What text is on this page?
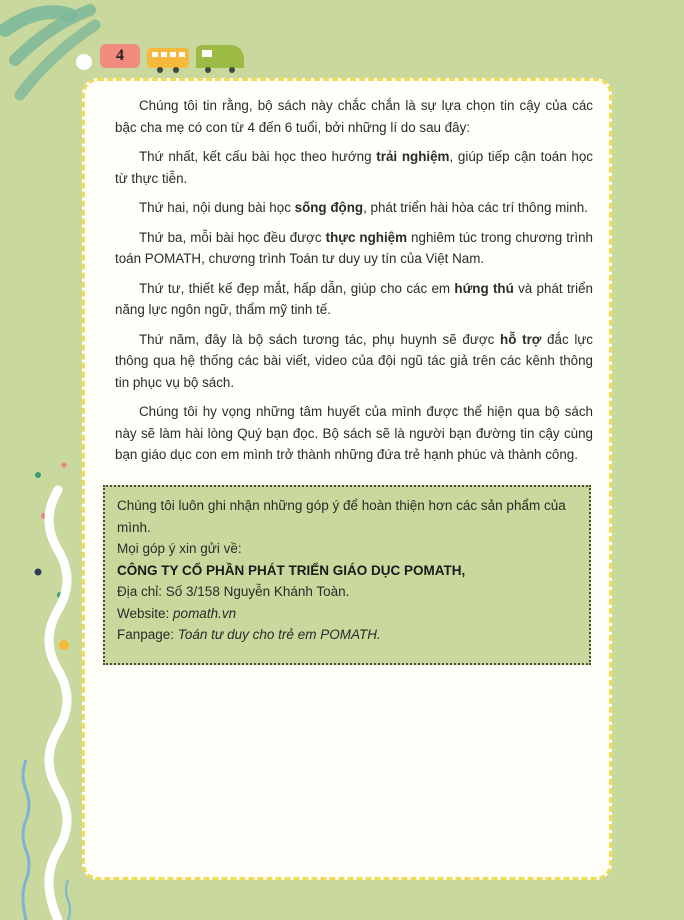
4

Chúng tôi tin rằng, bộ sách này chắc chắn là sự lựa chọn tin cậy của các bậc cha mẹ có con từ 4 đến 6 tuổi, bởi những lí do sau đây:

Thứ nhất, kết cấu bài học theo hướng trải nghiệm, giúp tiếp cận toán học từ thực tiễn.

Thứ hai, nội dung bài học sống động, phát triển hài hòa các trí thông minh.

Thứ ba, mỗi bài học đều được thực nghiệm nghiêm túc trong chương trình toán POMATH, chương trình Toán tư duy uy tín của Việt Nam.

Thứ tư, thiết kế đẹp mắt, hấp dẫn, giúp cho các em hứng thú và phát triển năng lực ngôn ngữ, thẩm mỹ tinh tế.

Thứ năm, đây là bộ sách tương tác, phụ huynh sẽ được hỗ trợ đắc lực thông qua hệ thống các bài viết, video của đội ngũ tác giả trên các kênh thông tin phục vụ bộ sách.

Chúng tôi hy vọng những tâm huyết của mình được thể hiện qua bộ sách này sẽ làm hài lòng Quý bạn đọc. Bộ sách sẽ là người bạn đường tin cậy cùng bạn giáo dục con em mình trở thành những đứa trẻ hạnh phúc và thành công.

Chúng tôi luôn ghi nhận những góp ý để hoàn thiện hơn các sản phẩm của mình.
Mọi góp ý xin gửi về:
CÔNG TY CỔ PHẦN PHÁT TRIỂN GIÁO DỤC POMATH,
Địa chỉ: Số 3/158 Nguyễn Khánh Toàn.
Website: pomath.vn
Fanpage: Toán tư duy cho trẻ em POMATH.
